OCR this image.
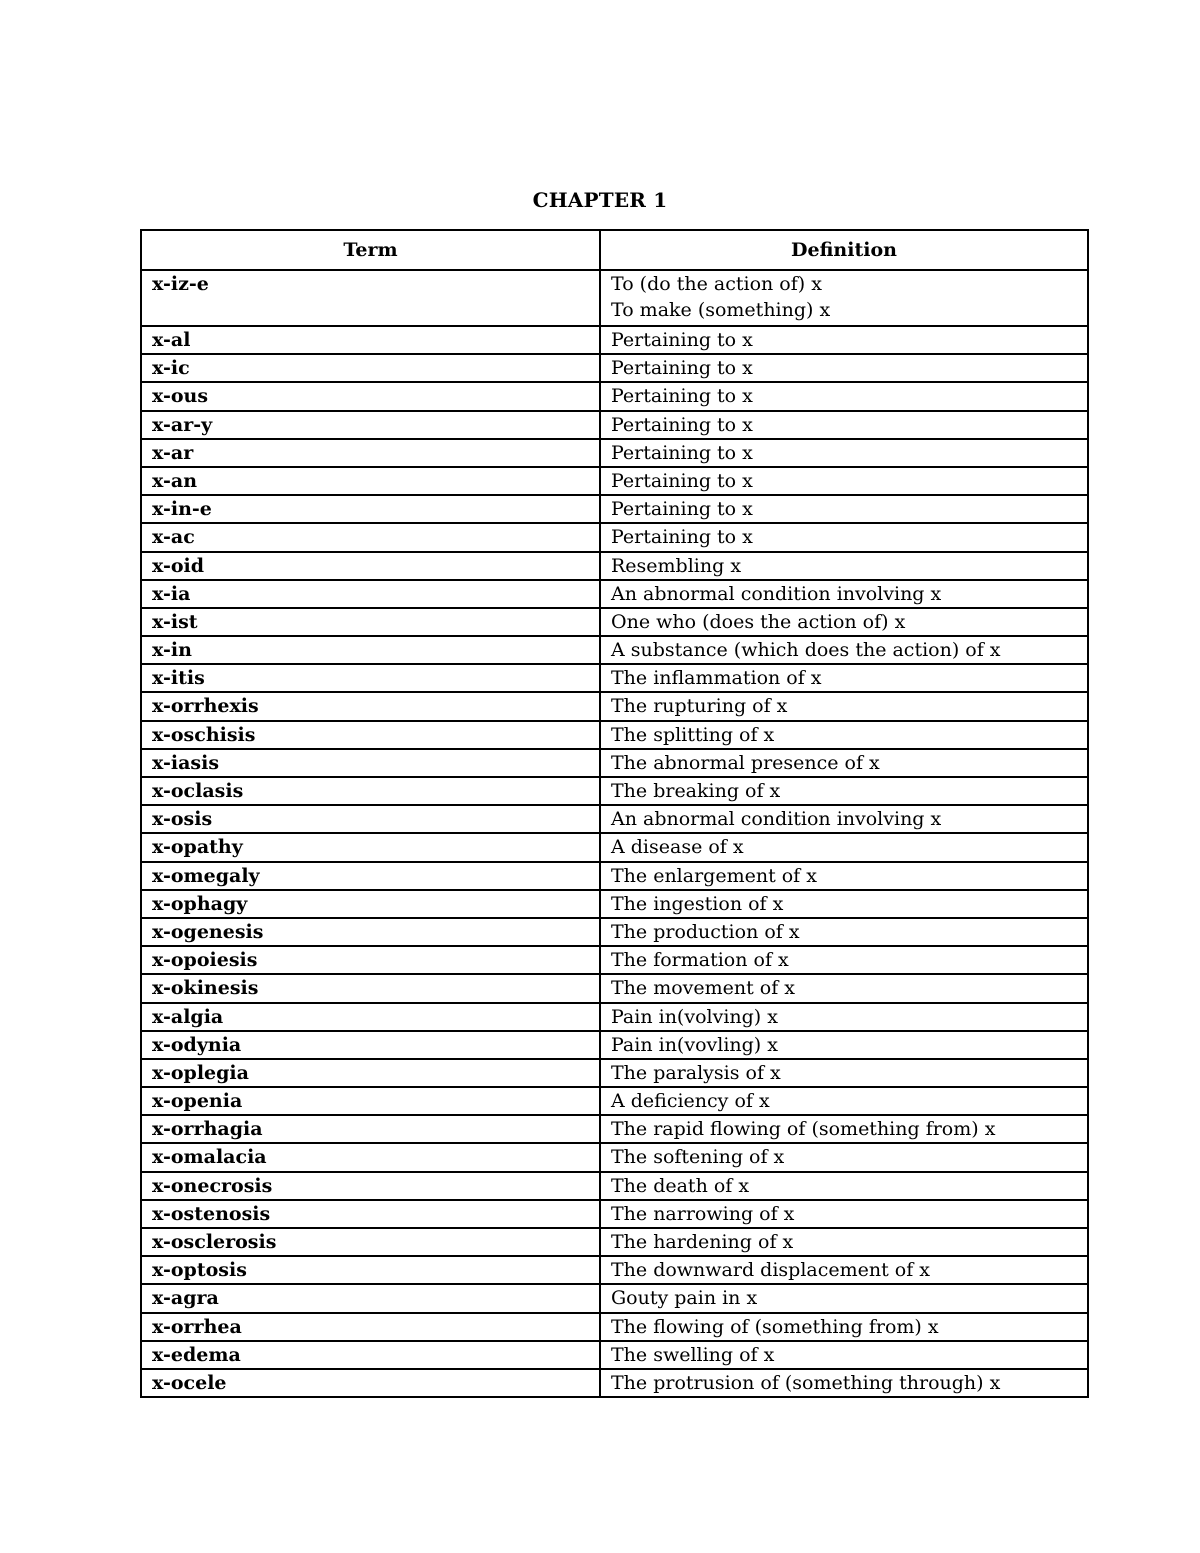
CHAPTER 1
Term	Definition
x-iz-e	To (do the action of) x
To make (something) x

x-al	Pertaining to x

x-ic	Pertaining to x

x-ous	Pertaining to x

x-ar-y	Pertaining to x

x-ar	Pertaining to x

x-an	Pertaining to x

x-in-e	Pertaining to x

x-ac	Pertaining to x

x-oid	Resembling x

x-ia	An abnormal condition involving x

x-ist	One who (does the action of) x

x-in	A substance (which does the action) of x

x-itis	The inflammation of x

x-orrhexis	The rupturing of x

x-oschisis	The splitting of x

x-iasis	The abnormal presence of x

x-oclasis	The breaking of x

x-osis	An abnormal condition involving x

x-opathy	A disease of x

x-omegaly	The enlargement of x

x-ophagy	The ingestion of x

x-ogenesis	The production of x

x-opoiesis	The formation of x

x-okinesis	The movement of x

x-algia	Pain in(volving) x

x-odynia	Pain in(vovling) x

x-oplegia	The paralysis of x

x-openia	A deficiency of x

x-orrhagia	The rapid flowing of (something from) x

x-omalacia	The softening of x

x-onecrosis	The death of x

x-ostenosis	The narrowing of x

x-osclerosis	The hardening of x

x-optosis	The downward displacement of x

x-agra	Gouty pain in x

x-orrhea	The flowing of (something from) x

x-edema	The swelling of x

x-ocele	The protrusion of (something through) x
